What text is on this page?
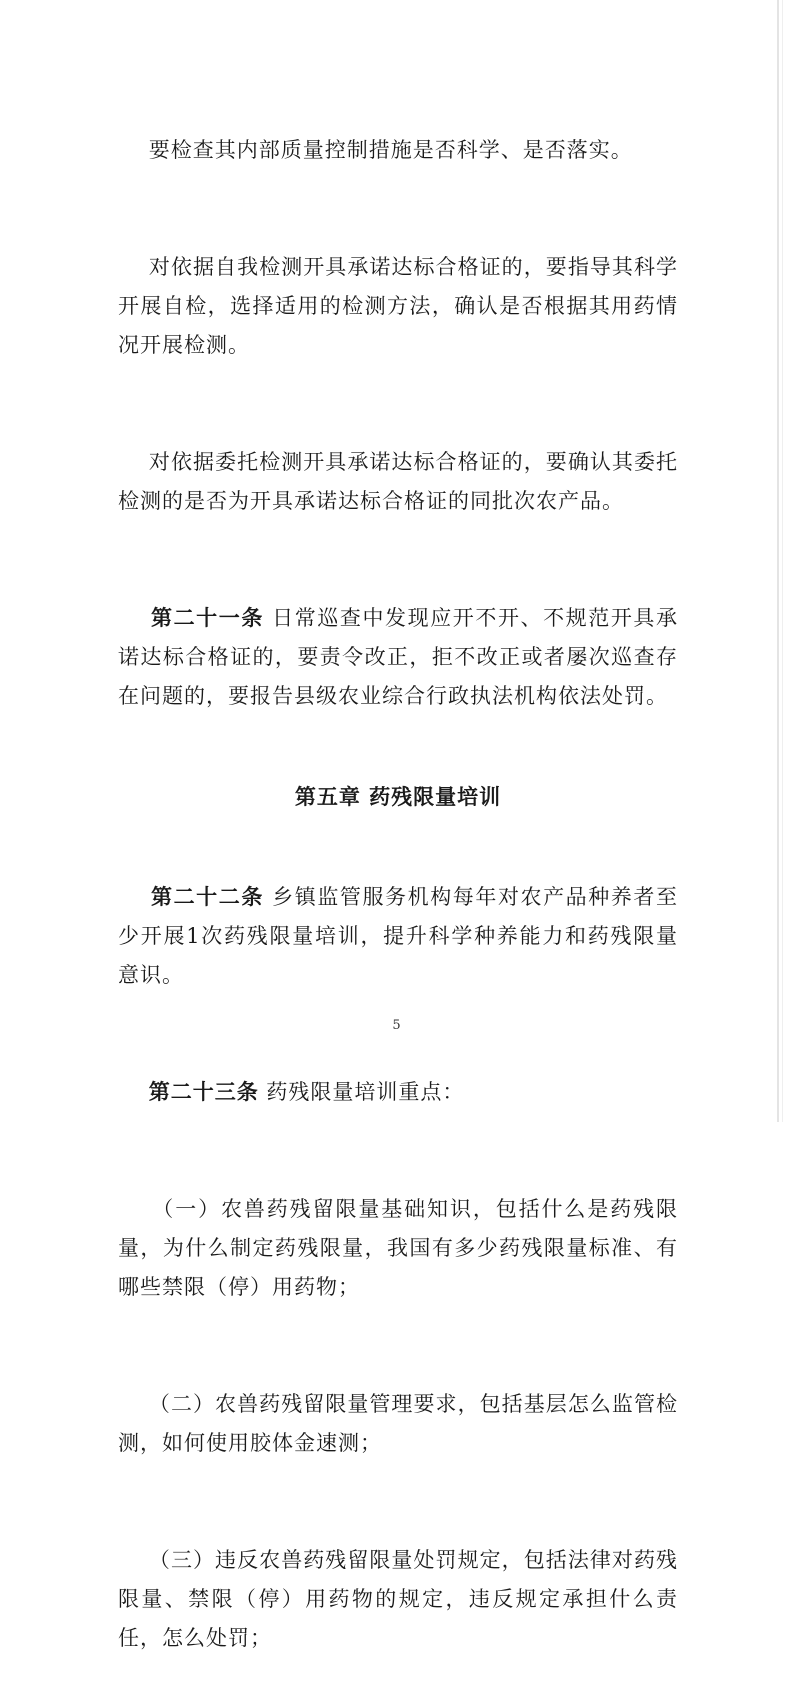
要检查其内部质量控制措施是否科学、是否落实。

对依据自我检测开具承诺达标合格证的，要指导其科学开展自检，选择适用的检测方法，确认是否根据其用药情况开展检测。

对依据委托检测开具承诺达标合格证的，要确认其委托检测的是否为开具承诺达标合格证的同批次农产品。

第二十一条 日常巡查中发现应开不开、不规范开具承诺达标合格证的，要责令改正，拒不改正或者屡次巡查存在问题的，要报告县级农业综合行政执法机构依法处罚。

第五章 药残限量培训

第二十二条 乡镇监管服务机构每年对农产品种养者至少开展1次药残限量培训，提升科学种养能力和药残限量意识。

第二十三条 药残限量培训重点：

（一）农兽药残留限量基础知识，包括什么是药残限量，为什么制定药残限量，我国有多少药残限量标准、有哪些禁限（停）用药物；

（二）农兽药残留限量管理要求，包括基层怎么监管检测，如何使用胶体金速测；

（三）违反农兽药残留限量处罚规定，包括法律对药残限量、禁限（停）用药物的规定，违反规定承担什么责任，怎么处罚；

5
